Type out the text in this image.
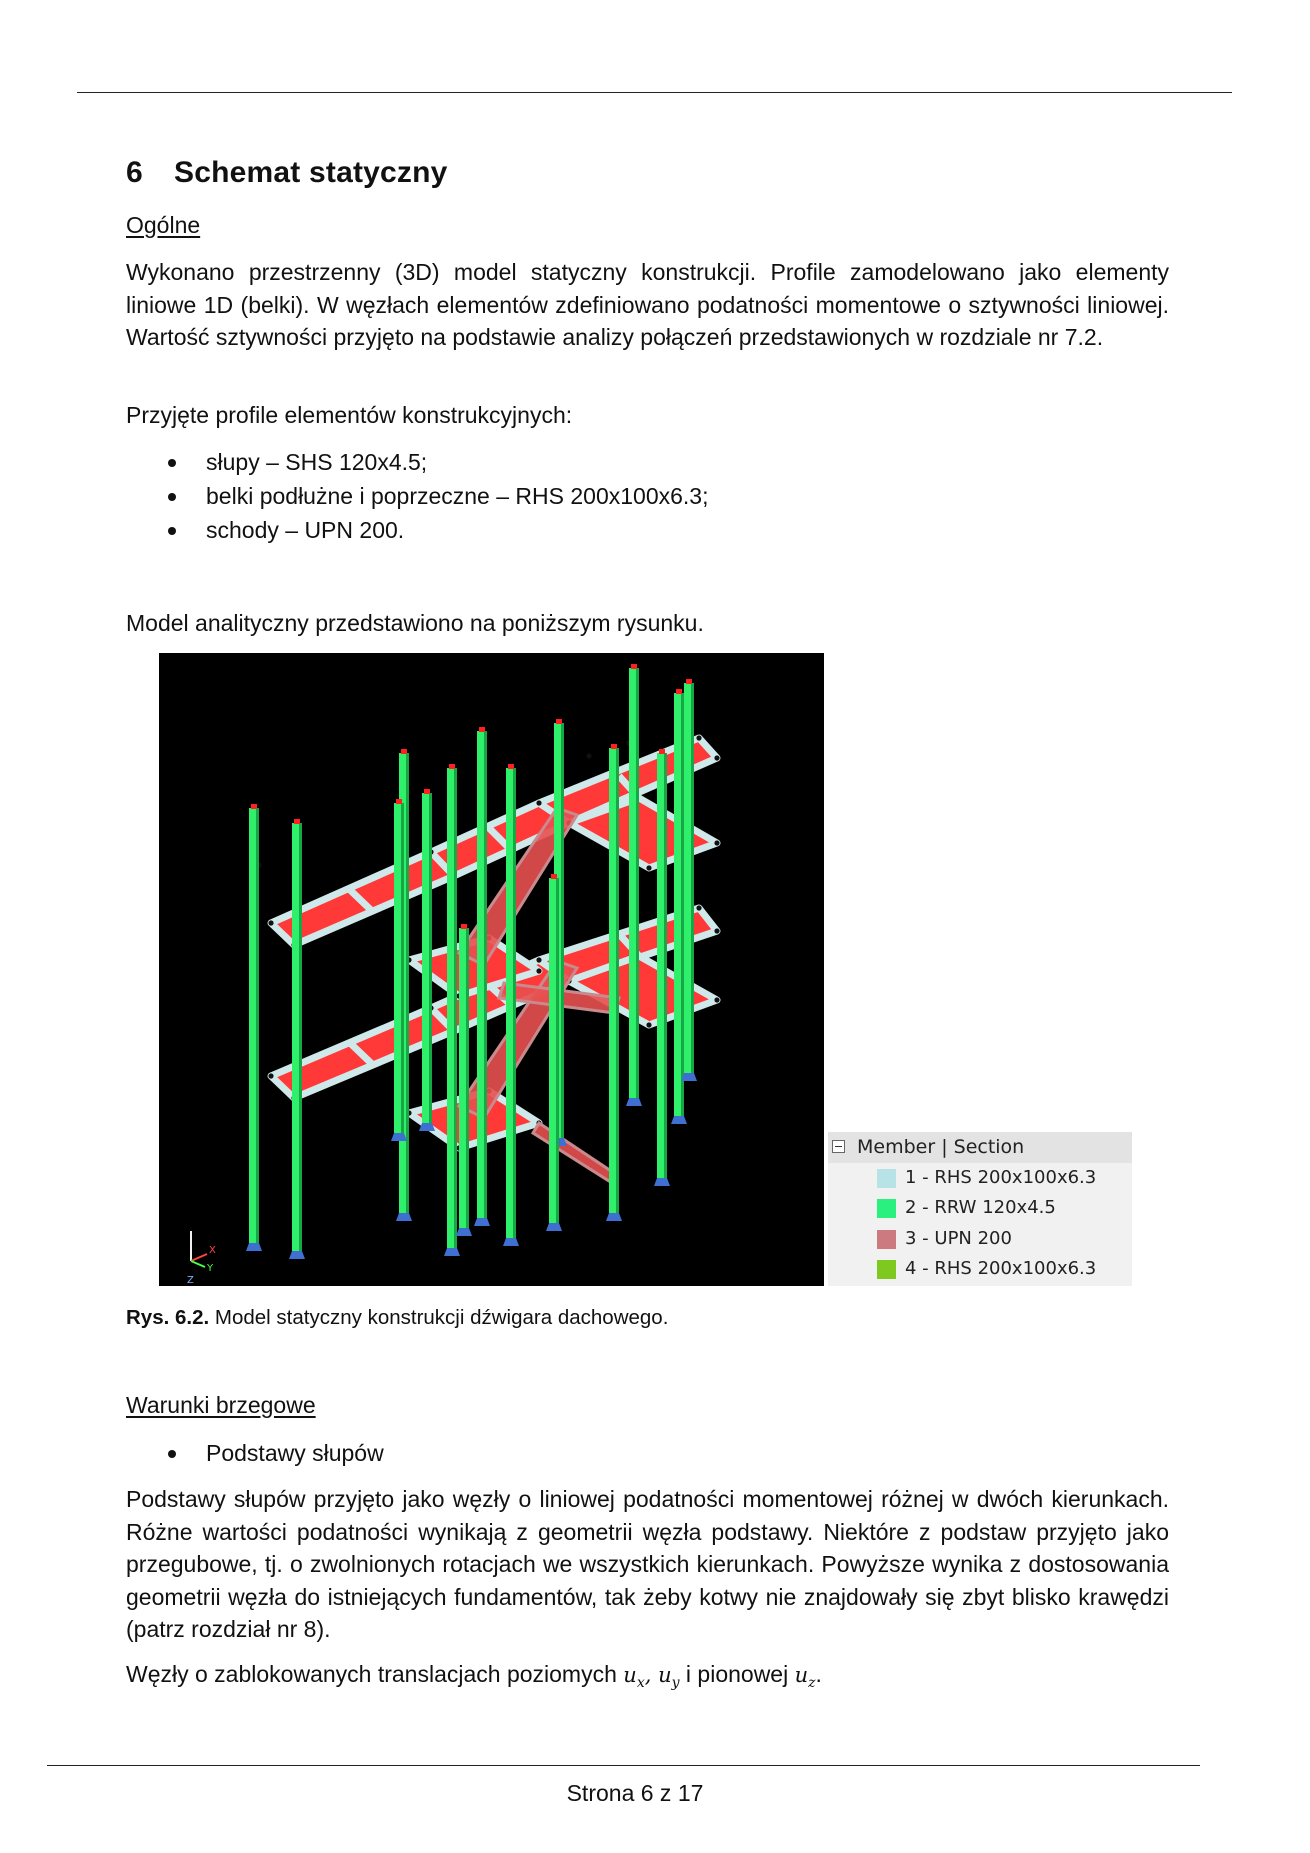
6 Schemat statyczny

Ogólne

Wykonano przestrzenny (3D) model statyczny konstrukcji. Profile zamodelowano jako elementy liniowe 1D (belki). W węzłach elementów zdefiniowano podatności momentowe o sztywności liniowej. Wartość sztywności przyjęto na podstawie analizy połączeń przedstawionych w rozdziale nr 7.2.

Przyjęte profile elementów konstrukcyjnych:

słupy – SHS 120x4.5;
belki podłużne i poprzeczne – RHS 200x100x6.3;
schody – UPN 200.

Model analityczny przedstawiono na poniższym rysunku.

Rys. 6.2. Model statyczny konstrukcji dźwigara dachowego.

Warunki brzegowe

Podstawy słupów

Podstawy słupów przyjęto jako węzły o liniowej podatności momentowej różnej w dwóch kierunkach. Różne wartości podatności wynikają z geometrii węzła podstawy. Niektóre z podstaw przyjęto jako przegubowe, tj. o zwolnionych rotacjach we wszystkich kierunkach. Powyższe wynika z dostosowania geometrii węzła do istniejących fundamentów, tak żeby kotwy nie znajdowały się zbyt blisko krawędzi (patrz rozdział nr 8).

Węzły o zablokowanych translacjach poziomych $u_x$, $u_y$ i pionowej $u_z$.

X
Y
Z
Member | Section
1 - RHS 200x100x6.3
2 - RRW 120x4.5
3 - UPN 200
4 - RHS 200x100x6.3
Strona 6 z 17
